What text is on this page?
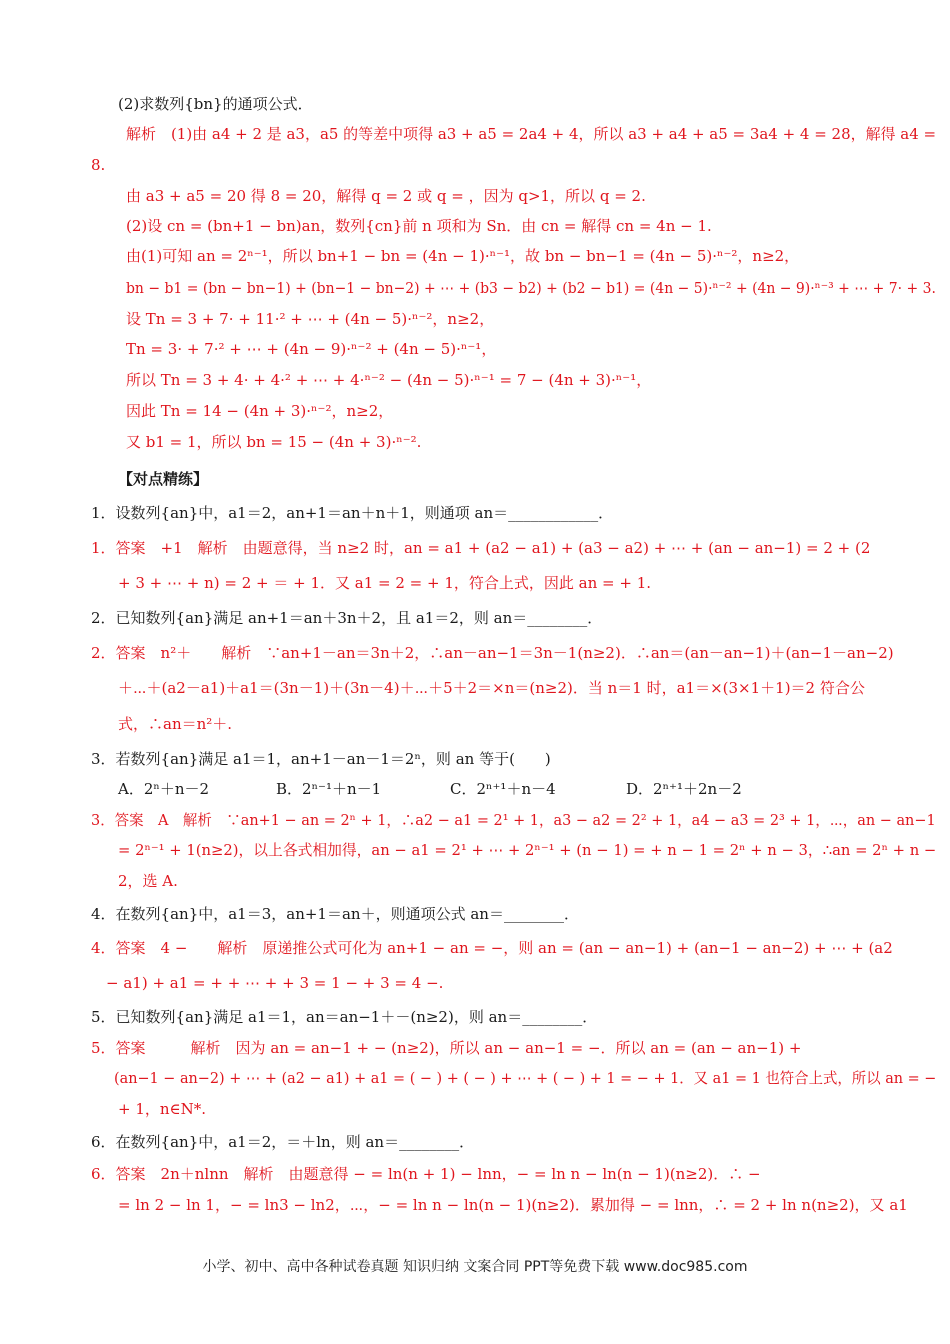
(2)求数列{bn}的通项公式．
解析　(1)由 a4 + 2 是 a3，a5 的等差中项得 a3 + a5 = 2a4 + 4，所以 a3 + a4 + a5 = 3a4 + 4 = 28，解得 a4 =
8.
由 a3 + a5 = 20 得 8 = 20，解得 q = 2 或 q = ，因为 q>1，所以 q = 2.
(2)设 cn = (bn+1 − bn)an，数列{cn}前 n 项和为 Sn．由 cn = 解得 cn = 4n − 1.
由(1)可知 an = 2ⁿ⁻¹，所以 bn+1 − bn = (4n − 1)·ⁿ⁻¹，故 bn − bn−1 = (4n − 5)·ⁿ⁻²，n≥2，
bn − b1 = (bn − bn−1) + (bn−1 − bn−2) + ⋯ + (b3 − b2) + (b2 − b1) = (4n − 5)·ⁿ⁻² + (4n − 9)·ⁿ⁻³ + ⋯ + 7· + 3.
设 Tn = 3 + 7· + 11·² + ⋯ + (4n − 5)·ⁿ⁻²，n≥2，
Tn = 3· + 7·² + ⋯ + (4n − 9)·ⁿ⁻² + (4n − 5)·ⁿ⁻¹，
所以 Tn = 3 + 4· + 4·² + ⋯ + 4·ⁿ⁻² − (4n − 5)·ⁿ⁻¹ = 7 − (4n + 3)·ⁿ⁻¹，
因此 Tn = 14 − (4n + 3)·ⁿ⁻²，n≥2，
又 b1 = 1，所以 bn = 15 − (4n + 3)·ⁿ⁻².
【对点精练】
1．设数列{an}中，a1＝2，an+1＝an＋n＋1，则通项 an＝____________．
1．答案　+1　解析　由题意得，当 n≥2 时，an = a1 + (a2 − a1) + (a3 − a2) + ⋯ + (an − an−1) = 2 + (2
+ 3 + ⋯ + n) = 2 + ＝ + 1．又 a1 = 2 = + 1，符合上式，因此 an = + 1.
2．已知数列{an}满足 an+1＝an＋3n＋2，且 a1＝2，则 an＝________．
2．答案　n²＋　　解析　∵an+1－an＝3n＋2，∴an－an−1＝3n－1(n≥2)．∴an＝(an－an−1)＋(an−1－an−2)
＋⋯＋(a2－a1)＋a1＝(3n－1)＋(3n－4)＋⋯＋5＋2＝×n＝(n≥2)．当 n＝1 时，a1＝×(3×1＋1)＝2 符合公
式，∴an＝n²＋.
3．若数列{an}满足 a1＝1，an+1－an－1＝2ⁿ，则 an 等于(　　)
A．2ⁿ＋n－2	B．2ⁿ⁻¹＋n－1	C．2ⁿ⁺¹＋n－4	D．2ⁿ⁺¹＋2n－2
3．答案　A　解析　∵an+1 − an = 2ⁿ + 1，∴a2 − a1 = 2¹ + 1，a3 − a2 = 2² + 1，a4 − a3 = 2³ + 1，⋯，an − an−1
= 2ⁿ⁻¹ + 1(n≥2)，以上各式相加得，an − a1 = 2¹ + ⋯ + 2ⁿ⁻¹ + (n − 1) = + n − 1 = 2ⁿ + n − 3，∴an = 2ⁿ + n −
2，选 A.
4．在数列{an}中，a1＝3，an+1＝an＋，则通项公式 an＝________．
4．答案　4 −　　解析　原递推公式可化为 an+1 − an = −，则 an = (an − an−1) + (an−1 − an−2) + ⋯ + (a2
− a1) + a1 = + + ⋯ + + 3 = 1 − + 3 = 4 −.
5．已知数列{an}满足 a1＝1，an＝an−1＋－(n≥2)，则 an＝________．
5．答案　　　解析　因为 an = an−1 + − (n≥2)，所以 an − an−1 = −．所以 an = (an − an−1) +
(an−1 − an−2) + ⋯ + (a2 − a1) + a1 = ( − ) + ( − ) + ⋯ + ( − ) + 1 = − + 1．又 a1 = 1 也符合上式，所以 an = −
+ 1，n∈N*.
6．在数列{an}中，a1＝2，＝＋ln，则 an＝________．
6．答案　2n＋nlnn　解析　由题意得 − = ln(n + 1) − lnn，− = ln n − ln(n − 1)(n≥2)．∴ −
= ln 2 − ln 1，− = ln3 − ln2，⋯，− = ln n − ln(n − 1)(n≥2)．累加得 − = lnn，∴ = 2 + ln n(n≥2)，又 a1
小学、初中、高中各种试卷真题 知识归纳 文案合同 PPT等免费下载 www.doc985.com
